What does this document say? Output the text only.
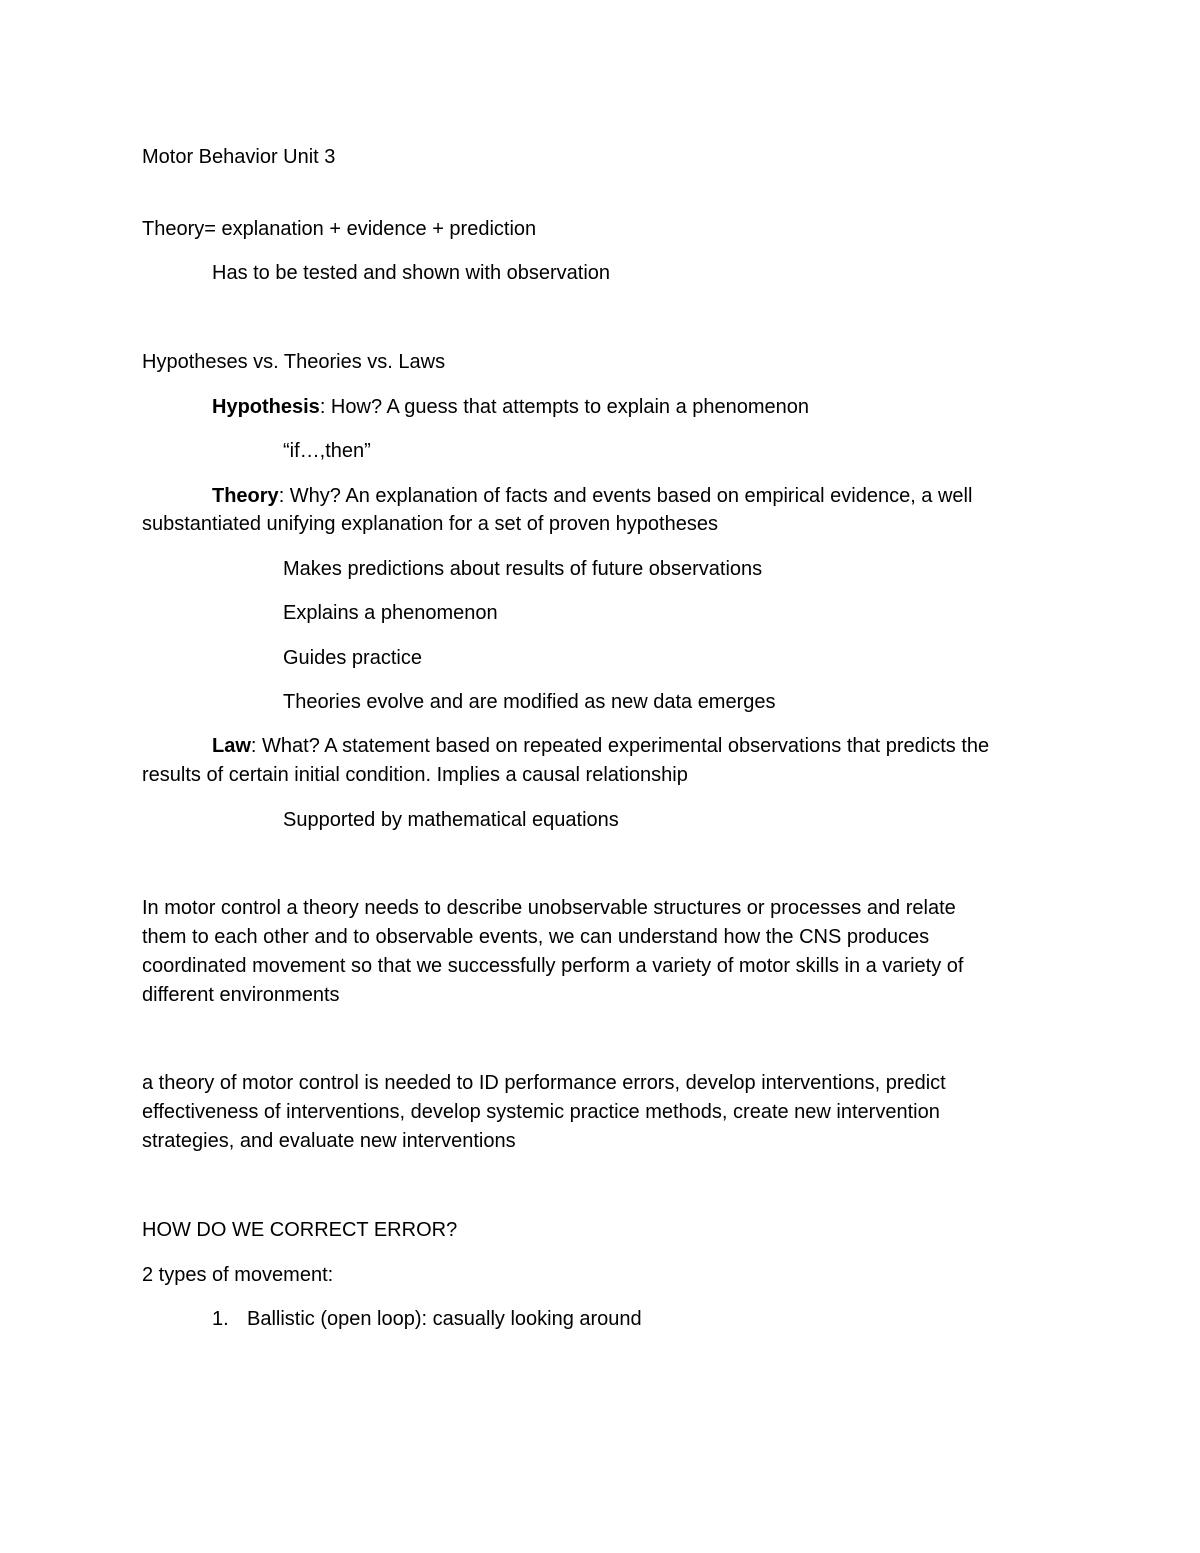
Motor Behavior Unit 3

Theory= explanation + evidence + prediction

Has to be tested and shown with observation

Hypotheses vs. Theories vs. Laws

Hypothesis: How? A guess that attempts to explain a phenomenon

“if…,then”

Theory: Why? An explanation of facts and events based on empirical evidence, a well

substantiated unifying explanation for a set of proven hypotheses

Makes predictions about results of future observations

Explains a phenomenon

Guides practice

Theories evolve and are modified as new data emerges

Law: What? A statement based on repeated experimental observations that predicts the

results of certain initial condition. Implies a causal relationship

Supported by mathematical equations

In motor control a theory needs to describe unobservable structures or processes and relate

them to each other and to observable events, we can understand how the CNS produces

coordinated movement so that we successfully perform a variety of motor skills in a variety of

different environments

a theory of motor control is needed to ID performance errors, develop interventions, predict

effectiveness of interventions, develop systemic practice methods, create new intervention

strategies, and evaluate new interventions

HOW DO WE CORRECT ERROR?

2 types of movement:

1. Ballistic (open loop): casually looking around
